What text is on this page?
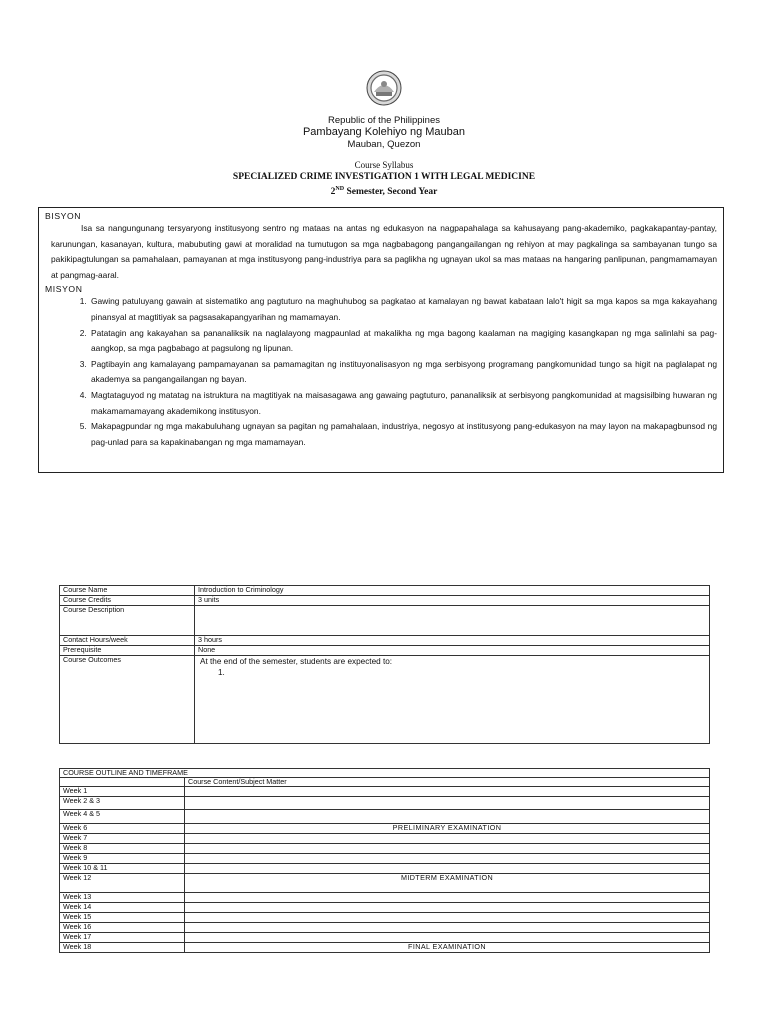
Republic of the Philippines
Pambayang Kolehiyo ng Mauban
Mauban, Quezon
Course Syllabus
SPECIALIZED CRIME INVESTIGATION 1 WITH LEGAL MEDICINE
2ND Semester, Second Year
BISYON

Isa sa nangungunang tersyaryong institusyong sentro ng mataas na antas ng edukasyon na nagpapahalaga sa kahusayang pang-akademiko, pagkakapantay-pantay, karunungan, kasanayan, kultura, mabubuting gawi at moralidad na tumutugon sa mga nagbabagong pangangailangan ng rehiyon at may pagkalinga sa sambayanan tungo sa pakikipagtulungan sa pamahalaan, pamayanan at mga institusyong pang-industriya para sa paglikha ng ugnayan ukol sa mas mataas na hangaring panlipunan, pangmamamayan at pangmag-aaral.

MISYON
1. Gawing patuluyang gawain at sistematiko ang pagtuturo na maghuhubog sa pagkatao at kamalayan ng bawat kabataan lalo't higit sa mga kapos sa mga kakayahang pinansyal at magtitiyak sa pagsasakapangyarihan ng mamamayan.
2. Patatagin ang kakayahan sa pananaliksik na naglalayong magpaunlad at makalikha ng mga bagong kaalaman na magiging kasangkapan ng mga salinlahi sa pag-aangkop, sa mga pagbabago at pagsulong ng lipunan.
3. Pagtibayin ang kamalayang pampamayanan sa pamamagitan ng instituyonalisasyon ng mga serbisyong programang pangkomunidad tungo sa higit na paglalapat ng akademya sa pangangailangan ng bayan.
4. Magtataguyod ng matatag na istruktura na magtitiyak na maisasagawa ang gawaing pagtuturo, pananaliksik at serbisyong pangkomunidad at magsisilbing huwaran ng makamamamayang akademikong institusyon.
5. Makapagpundar ng mga makabuluhang ugnayan sa pagitan ng pamahalaan, industriya, negosyo at institusyong pang-edukasyon na may layon na makapagbunsod ng pag-unlad para sa kapakinabangan ng mga mamamayan.
Course Name	Introduction to Criminology
Course Credits	3 units
Course Description	
Contact Hours/week	3 hours
Prerequisite	None
Course Outcomes	At the end of the semester, students are expected to:
1.
COURSE OUTLINE AND TIMEFRAME	
	Course Content/Subject Matter
Week 1	
Week 2 & 3	
Week 4 & 5	
Week 6	PRELIMINARY EXAMINATION
Week 7	
Week 8	
Week 9	
Week 10 & 11	
Week 12	MIDTERM EXAMINATION
Week 13	
Week 14	
Week 15	
Week 16	
Week 17	
Week 18	FINAL EXAMINATION
